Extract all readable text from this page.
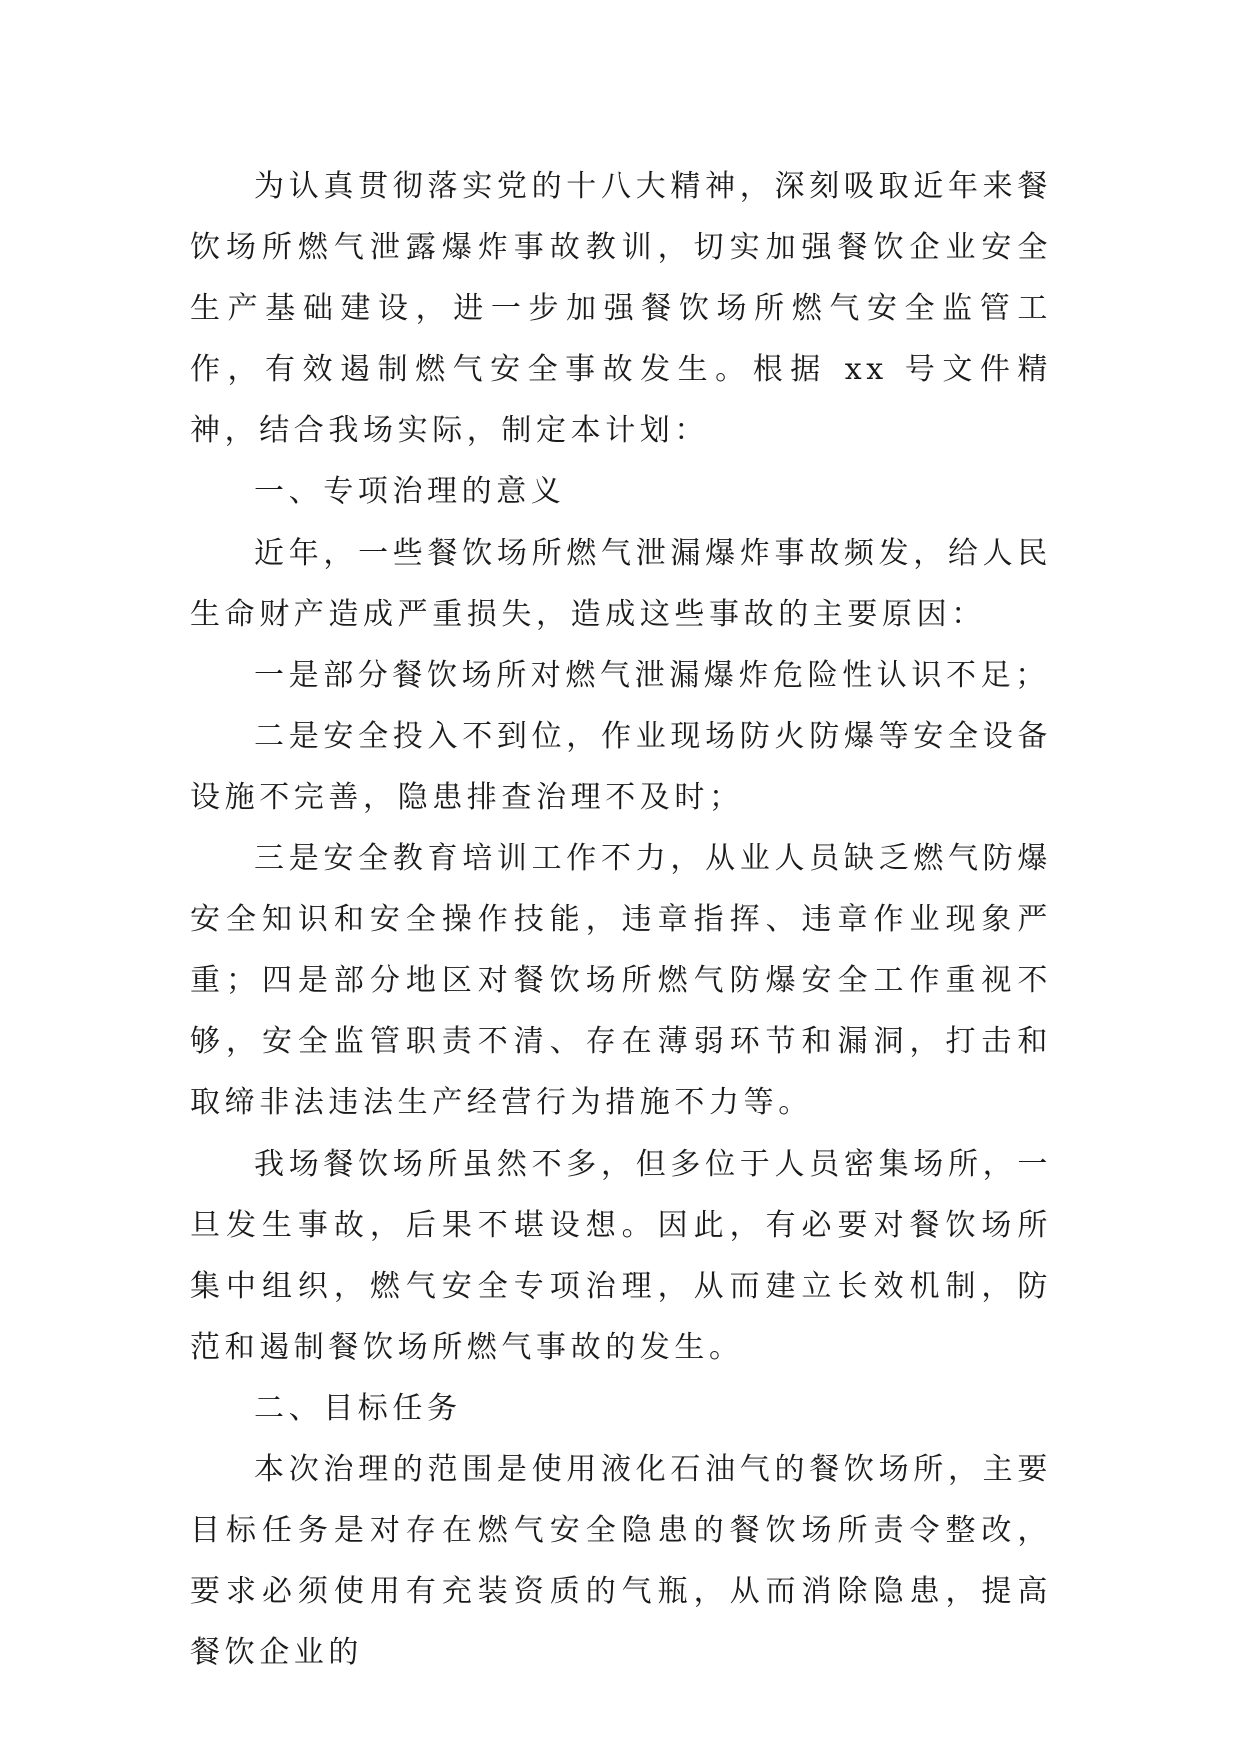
为认真贯彻落实党的十八大精神，深刻吸取近年来餐饮场所燃气泄露爆炸事故教训，切实加强餐饮企业安全生产基础建设，进一步加强餐饮场所燃气安全监管工作，有效遏制燃气安全事故发生。根据 xx 号文件精神，结合我场实际，制定本计划：

一、专项治理的意义

近年，一些餐饮场所燃气泄漏爆炸事故频发，给人民生命财产造成严重损失，造成这些事故的主要原因：

一是部分餐饮场所对燃气泄漏爆炸危险性认识不足；

二是安全投入不到位，作业现场防火防爆等安全设备设施不完善，隐患排查治理不及时；

三是安全教育培训工作不力，从业人员缺乏燃气防爆安全知识和安全操作技能，违章指挥、违章作业现象严重；四是部分地区对餐饮场所燃气防爆安全工作重视不够，安全监管职责不清、存在薄弱环节和漏洞，打击和取缔非法违法生产经营行为措施不力等。

我场餐饮场所虽然不多，但多位于人员密集场所，一旦发生事故，后果不堪设想。因此，有必要对餐饮场所集中组织，燃气安全专项治理，从而建立长效机制，防范和遏制餐饮场所燃气事故的发生。

二、目标任务

本次治理的范围是使用液化石油气的餐饮场所，主要目标任务是对存在燃气安全隐患的餐饮场所责令整改，要求必须使用有充装资质的气瓶，从而消除隐患，提高餐饮企业的
